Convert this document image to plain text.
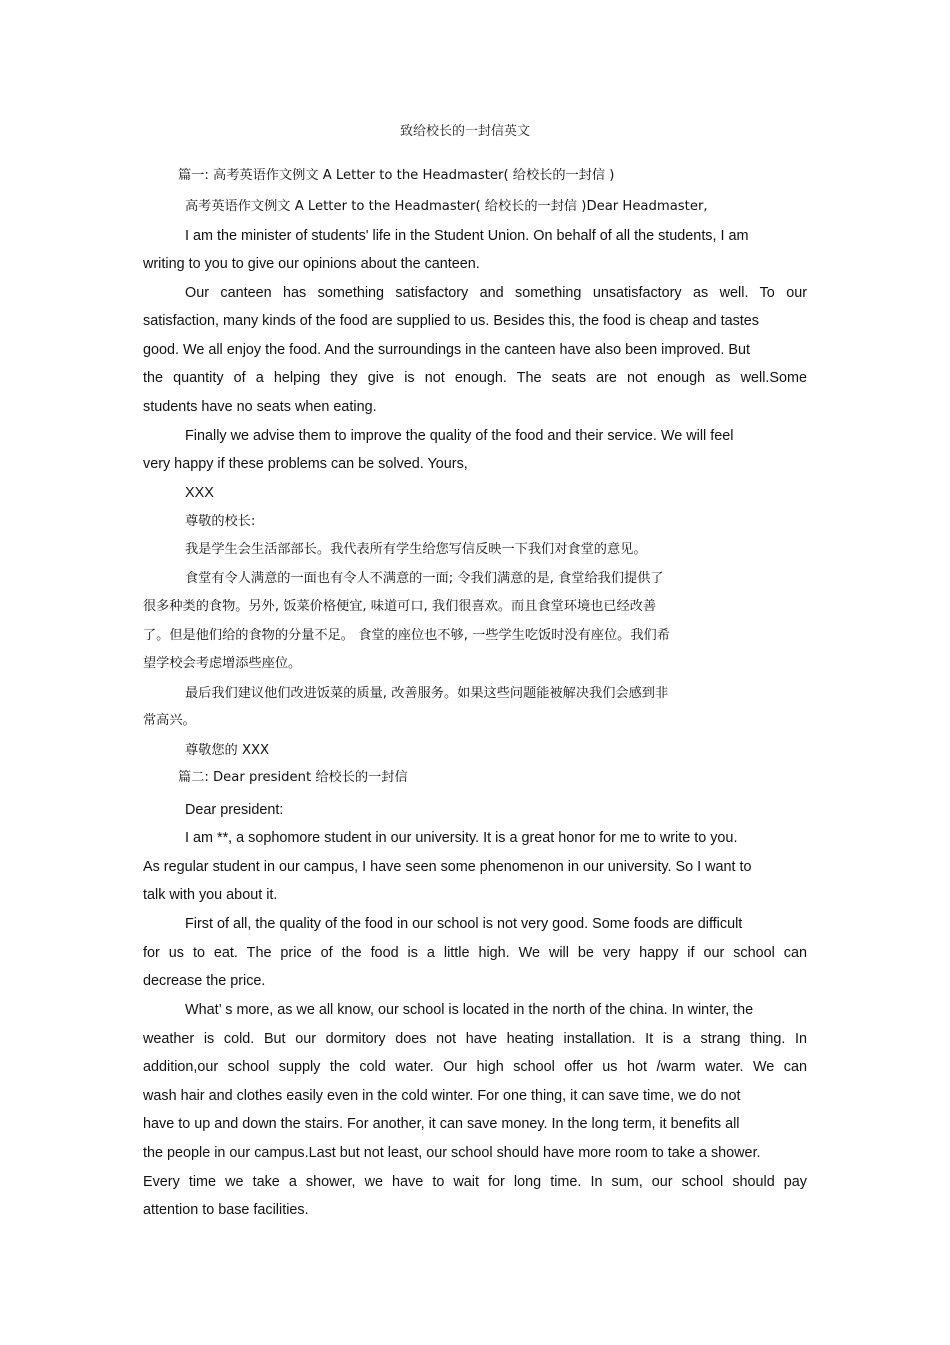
致给校长的一封信英文
篇一: 高考英语作文例文 A Letter to the Headmaster( 给校长的一封信 )
高考英语作文例文 A Letter to the Headmaster( 给校长的一封信 )Dear Headmaster,
I am the minister of students' life in the Student Union. On behalf of all the students, I am
writing to you to give our opinions about the canteen.
Our canteen has something satisfactory and something unsatisfactory as well. To our
satisfaction, many kinds of the food are supplied to us. Besides this, the food is cheap and tastes
good. We all enjoy the food. And the surroundings in the canteen have also been improved. But
the quantity of a helping they give is not enough. The seats are not enough as well.Some
students have no seats when eating.
Finally we advise them to improve the quality of the food and their service. We will feel
very happy if these problems can be solved. Yours,
XXX
尊敬的校长:
我是学生会生活部部长。我代表所有学生给您写信反映一下我们对食堂的意见。
食堂有令人满意的一面也有令人不满意的一面; 令我们满意的是, 食堂给我们提供了
很多种类的食物。另外, 饭菜价格便宜, 味道可口, 我们很喜欢。而且食堂环境也已经改善
了。但是他们给的食物的分量不足。 食堂的座位也不够, 一些学生吃饭时没有座位。我们希
望学校会考虑增添些座位。
最后我们建议他们改进饭菜的质量, 改善服务。如果这些问题能被解决我们会感到非
常高兴。
尊敬您的 XXX
篇二: Dear president 给校长的一封信
Dear president:
I am **, a sophomore student in our university. It is a great honor for me to write to you.
As regular student in our campus, I have seen some phenomenon in our university. So I want to
talk with you about it.
First of all, the quality of the food in our school is not very good. Some foods are difficult
for us to eat. The price of the food is a little high. We will be very happy if our school can
decrease the price.
What’ s more, as we all know, our school is located in the north of the china. In winter, the
weather is cold. But our dormitory does not have heating installation. It is a strang thing. In
addition,our school supply the cold water. Our high school offer us hot /warm water. We can
wash hair and clothes easily even in the cold winter. For one thing, it can save time, we do not
have to up and down the stairs. For another, it can save money. In the long term, it benefits all
the people in our campus.Last but not least, our school should have more room to take a shower.
Every time we take a shower, we have to wait for long time. In sum, our school should pay
attention to base facilities.
